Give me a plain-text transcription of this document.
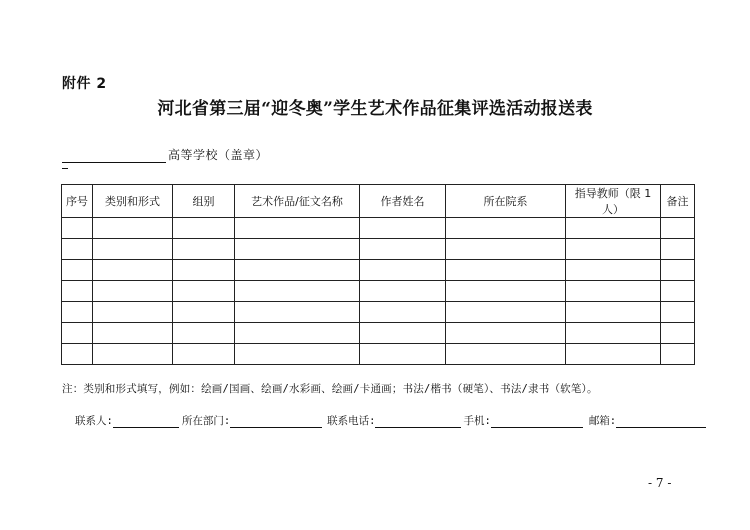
附件 2
河北省第三届“迎冬奥”学生艺术作品征集评选活动报送表
高等学校（盖章）
序号	类别和形式	组别	艺术作品/征文名称	作者姓名	所在院系	指导教师（限 1 人）	备注

注：类别和形式填写，例如：绘画/国画、绘画/水彩画、绘画/卡通画；书法/楷书（硬笔）、书法/隶书（软笔）。
联系人:	所在部门:	联系电话:	手机:	邮箱:
- 7 -
